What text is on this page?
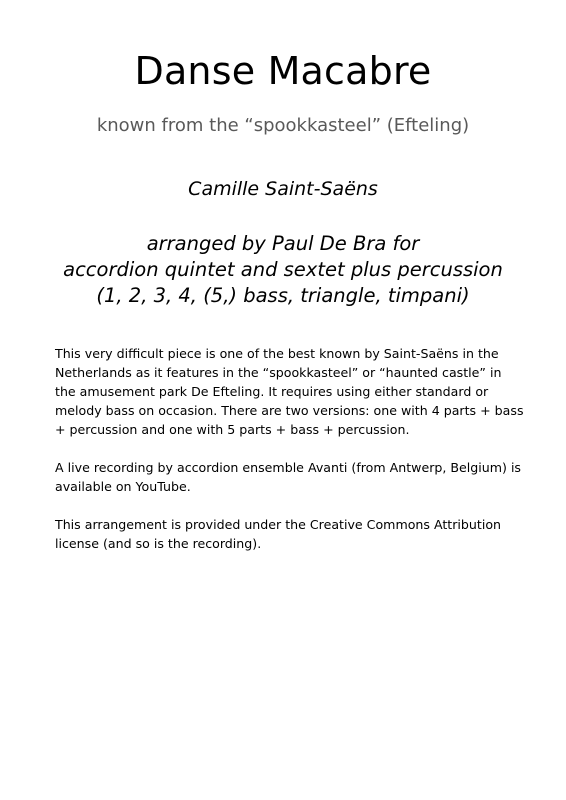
Danse Macabre
known from the “spookkasteel” (Efteling)
Camille Saint-Saëns
arranged by Paul De Bra for
accordion quintet and sextet plus percussion
(1, 2, 3, 4, (5,) bass, triangle, timpani)

This very difficult piece is one of the best known by Saint-Saëns in the Netherlands as it features in the “spookkasteel” or “haunted castle” in the amusement park De Efteling. It requires using either standard or melody bass on occasion. There are two versions: one with 4 parts + bass + percussion and one with 5 parts + bass + percussion.

A live recording by accordion ensemble Avanti (from Antwerp, Belgium) is available on YouTube.

This arrangement is provided under the Creative Commons Attribution license (and so is the recording).
